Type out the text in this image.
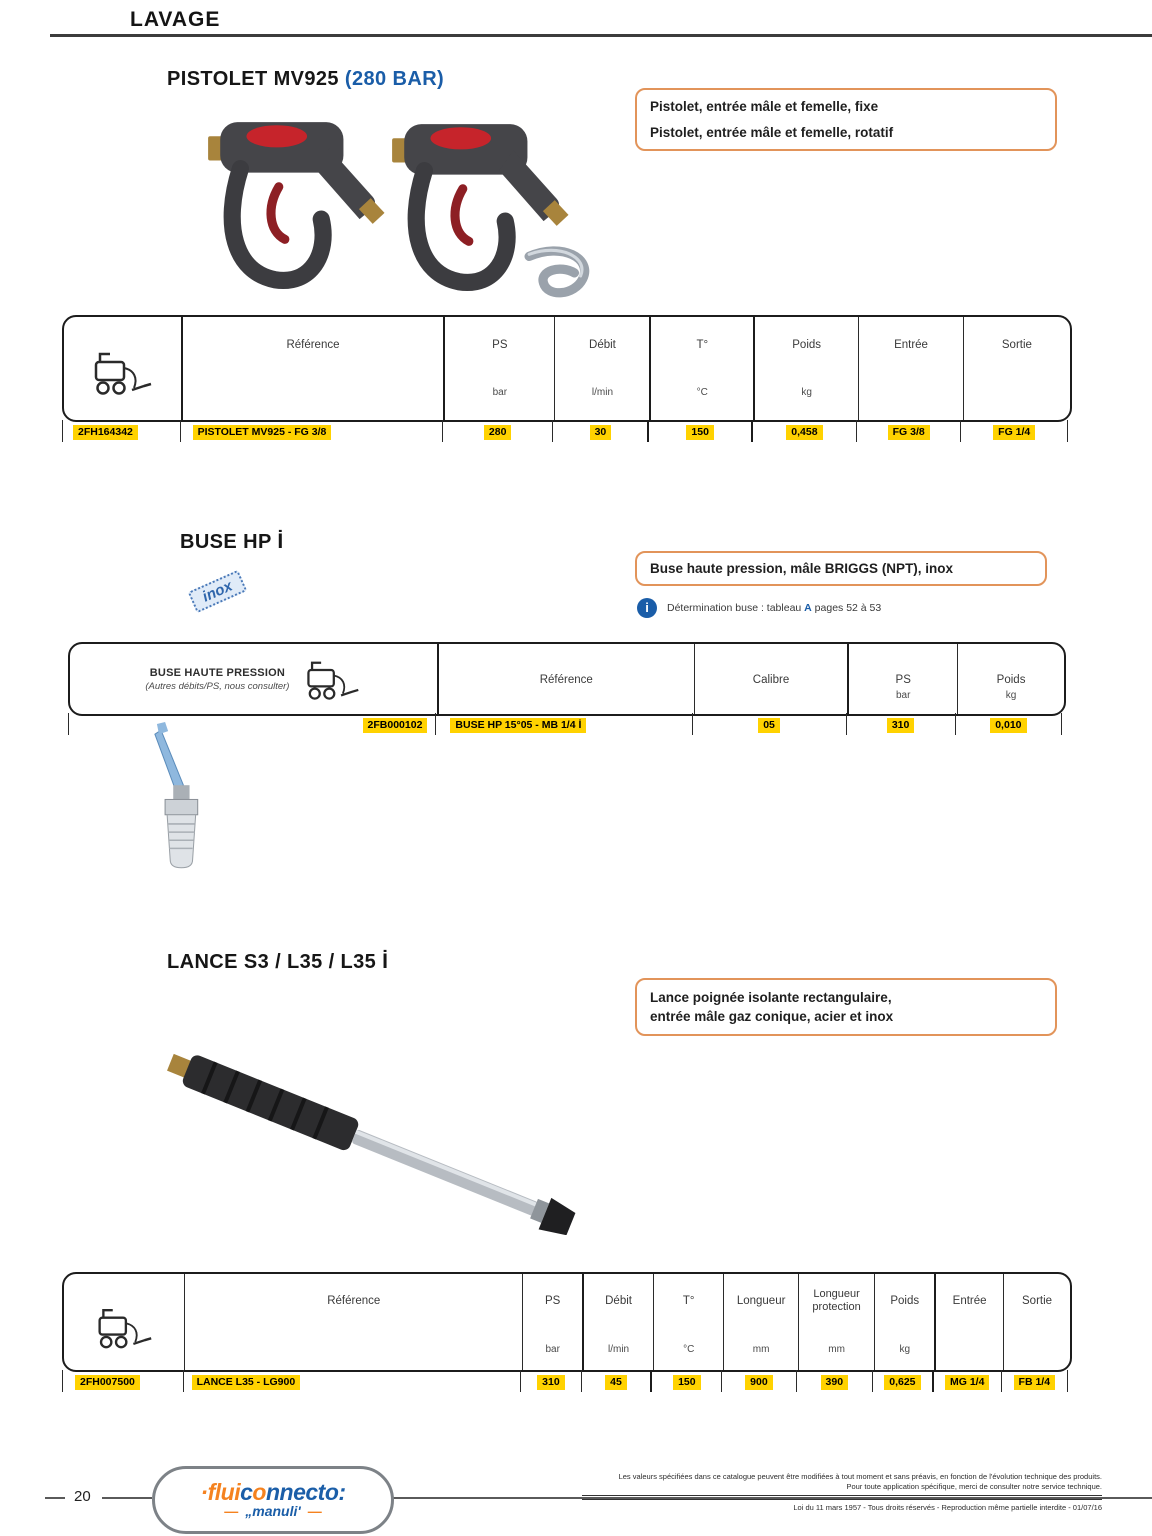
LAVAGE
PISTOLET MV925 (280 BAR)
Pistolet, entrée mâle et femelle, fixe
Pistolet, entrée mâle et femelle, rotatif
	Référence	PS	Débit	T°	Poids	Entrée	Sortie
		bar	l/min	°C	kg		
2FH164342	PISTOLET MV925 - FG 3/8	280	30	150	0,458	FG 3/8	FG 1/4
BUSE HP İ
inox
Buse haute pression, mâle BRIGGS (NPT), inox
i	Détermination buse : tableau A pages 52 à 53
BUSE HAUTE PRESSION
(Autres débits/PS, nous consulter)	Référence	Calibre	PS	Poids
			bar	kg
2FB000102	BUSE HP 15°05 - MB 1/4 İ	05	310	0,010
LANCE S3 / L35 / L35 İ
Lance poignée isolante rectangulaire,
entrée mâle gaz conique, acier et inox
	Référence	PS	Débit	T°	Longueur	Longueur protection	Poids	Entrée	Sortie
		bar	l/min	°C	mm	mm	kg		
2FH007500	LANCE L35 - LG900	310	45	150	900	390	0,625	MG 1/4	FB 1/4
20	·fluiconnecto:
— „manuli' —
Les valeurs spécifiées dans ce catalogue peuvent être modifiées à tout moment et sans préavis, en fonction de l'évolution technique des produits.
Pour toute application spécifique, merci de consulter notre service technique.
Loi du 11 mars 1957 - Tous droits réservés - Reproduction même partielle interdite - 01/07/16
